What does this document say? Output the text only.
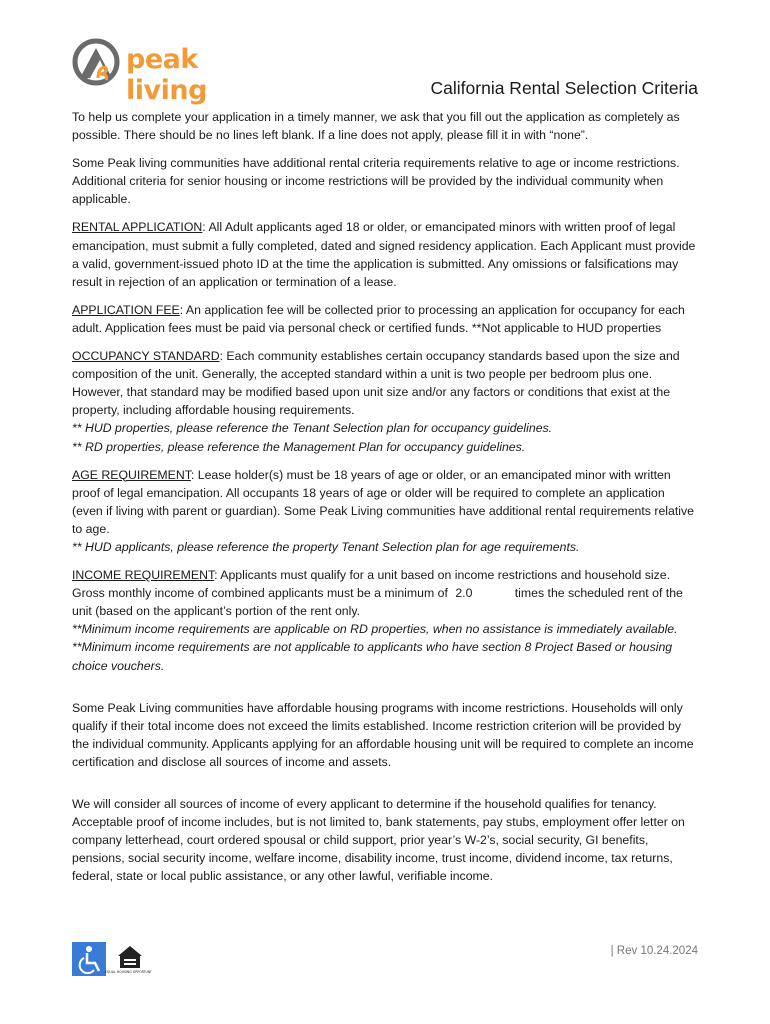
peak living	California Rental Selection Criteria

To help us complete your application in a timely manner, we ask that you fill out the application as completely as possible. There should be no lines left blank. If a line does not apply, please fill it in with “none”.

Some Peak living communities have additional rental criteria requirements relative to age or income restrictions. Additional criteria for senior housing or income restrictions will be provided by the individual community when applicable.

RENTAL APPLICATION: All Adult applicants aged 18 or older, or emancipated minors with written proof of legal emancipation, must submit a fully completed, dated and signed residency application. Each Applicant must provide a valid, government-issued photo ID at the time the application is submitted. Any omissions or falsifications may result in rejection of an application or termination of a lease.

APPLICATION FEE: An application fee will be collected prior to processing an application for occupancy for each adult. Application fees must be paid via personal check or certified funds. **Not applicable to HUD properties

OCCUPANCY STANDARD: Each community establishes certain occupancy standards based upon the size and composition of the unit. Generally, the accepted standard within a unit is two people per bedroom plus one. However, that standard may be modified based upon unit size and/or any factors or conditions that exist at the property, including affordable housing requirements.
** HUD properties, please reference the Tenant Selection plan for occupancy guidelines.
** RD properties, please reference the Management Plan for occupancy guidelines.

AGE REQUIREMENT: Lease holder(s) must be 18 years of age or older, or an emancipated minor with written proof of legal emancipation. All occupants 18 years of age or older will be required to complete an application (even if living with parent or guardian). Some Peak Living communities have additional rental requirements relative to age.
** HUD applicants, please reference the property Tenant Selection plan for age requirements.

INCOME REQUIREMENT: Applicants must qualify for a unit based on income restrictions and household size. Gross monthly income of combined applicants must be a minimum of 2.0	times the scheduled rent of the unit (based on the applicant’s portion of the rent only.
**Minimum income requirements are applicable on RD properties, when no assistance is immediately available.
**Minimum income requirements are not applicable to applicants who have section 8 Project Based or housing choice vouchers.

Some Peak Living communities have affordable housing programs with income restrictions. Households will only qualify if their total income does not exceed the limits established. Income restriction criterion will be provided by the individual community. Applicants applying for an affordable housing unit will be required to complete an income certification and disclose all sources of income and assets.

We will consider all sources of income of every applicant to determine if the household qualifies for tenancy. Acceptable proof of income includes, but is not limited to, bank statements, pay stubs, employment offer letter on company letterhead, court ordered spousal or child support, prior year’s W-2’s, social security, GI benefits, pensions, social security income, welfare income, disability income, trust income, dividend income, tax returns, federal, state or local public assistance, or any other lawful, verifiable income.

EQUAL HOUSING OPPORTUNITY
| Rev 10.24.2024
